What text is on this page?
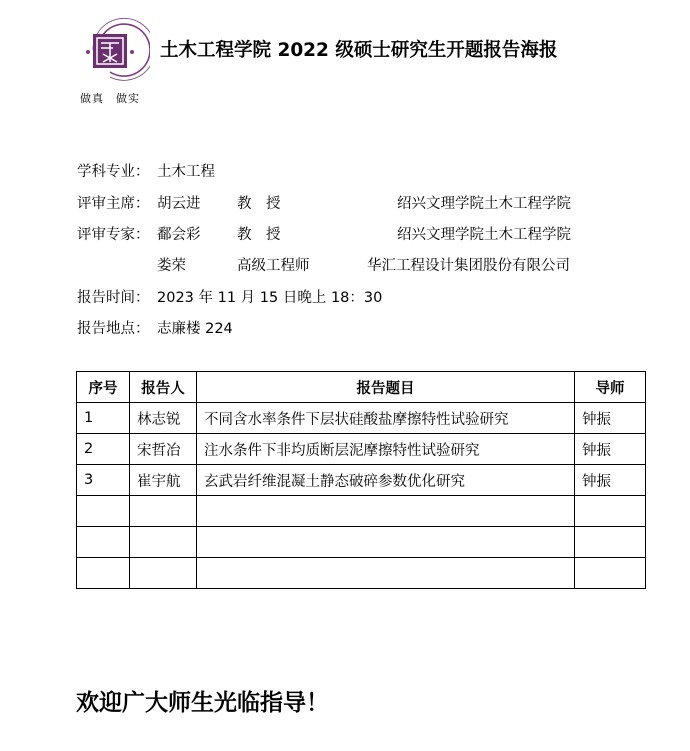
做真　做实
土木工程学院 2022 级硕士研究生开题报告海报
学科专业： 土木工程
评审主席： 胡云进	教　授	绍兴文理学院土木工程学院
评审专家： 鄱会彩	教　授	绍兴文理学院土木工程学院
娄荣	高级工程师	华汇工程设计集团股份有限公司
报告时间： 2023 年 11 月 15 日晚上 18：30
报告地点： 志廉楼 224
序号	报告人	报告题目	导师
1	林志锐	不同含水率条件下层状硅酸盐摩擦特性试验研究	钟振
2	宋哲冶	注水条件下非均质断层泥摩擦特性试验研究	钟振
3	崔宇航	玄武岩纤维混凝土静态破碎参数优化研究	钟振

欢迎广大师生光临指导！
